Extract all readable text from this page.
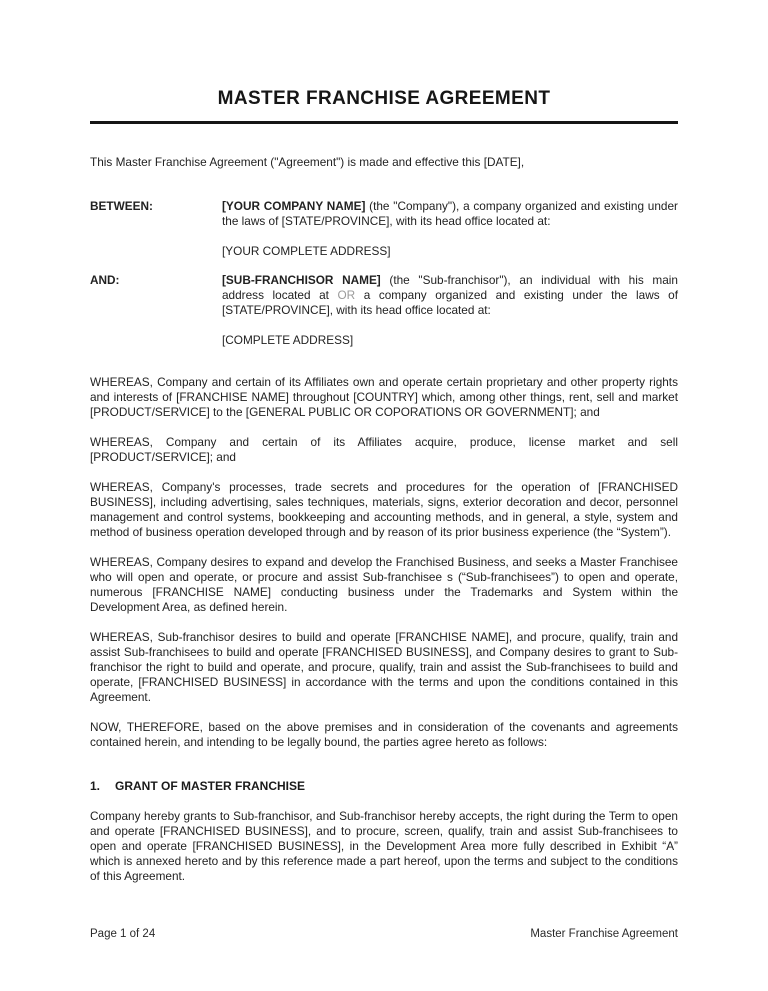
MASTER FRANCHISE AGREEMENT
This Master Franchise Agreement ("Agreement") is made and effective this [DATE],
BETWEEN:	[YOUR COMPANY NAME] (the "Company"), a company organized and existing under the laws of [STATE/PROVINCE], with its head office located at:
[YOUR COMPLETE ADDRESS]
AND:	[SUB-FRANCHISOR NAME] (the "Sub-franchisor"), an individual with his main address located at OR a company organized and existing under the laws of [STATE/PROVINCE], with its head office located at:
[COMPLETE ADDRESS]

WHEREAS, Company and certain of its Affiliates own and operate certain proprietary and other property rights and interests of [FRANCHISE NAME] throughout [COUNTRY] which, among other things, rent, sell and market [PRODUCT/SERVICE] to the [GENERAL PUBLIC OR COPORATIONS OR GOVERNMENT]; and

WHEREAS, Company and certain of its Affiliates acquire, produce, license market and sell [PRODUCT/SERVICE]; and

WHEREAS, Company's processes, trade secrets and procedures for the operation of [FRANCHISED BUSINESS], including advertising, sales techniques, materials, signs, exterior decoration and decor, personnel management and control systems, bookkeeping and accounting methods, and in general, a style, system and method of business operation developed through and by reason of its prior business experience (the “System”).

WHEREAS, Company desires to expand and develop the Franchised Business, and seeks a Master Franchisee who will open and operate, or procure and assist Sub-franchisee s (“Sub-franchisees”) to open and operate, numerous [FRANCHISE NAME] conducting business under the Trademarks and System within the Development Area, as defined herein.

WHEREAS, Sub-franchisor desires to build and operate [FRANCHISE NAME], and procure, qualify, train and assist Sub-franchisees to build and operate [FRANCHISED BUSINESS], and Company desires to grant to Sub-franchisor the right to build and operate, and procure, qualify, train and assist the Sub-franchisees to build and operate, [FRANCHISED BUSINESS] in accordance with the terms and upon the conditions contained in this Agreement.

NOW, THEREFORE, based on the above premises and in consideration of the covenants and agreements contained herein, and intending to be legally bound, the parties agree hereto as follows:

1. GRANT OF MASTER FRANCHISE

Company hereby grants to Sub-franchisor, and Sub-franchisor hereby accepts, the right during the Term to open and operate [FRANCHISED BUSINESS], and to procure, screen, qualify, train and assist Sub-franchisees to open and operate [FRANCHISED BUSINESS], in the Development Area more fully described in Exhibit “A” which is annexed hereto and by this reference made a part hereof, upon the terms and subject to the conditions of this Agreement.

Page 1 of 24	Master Franchise Agreement
